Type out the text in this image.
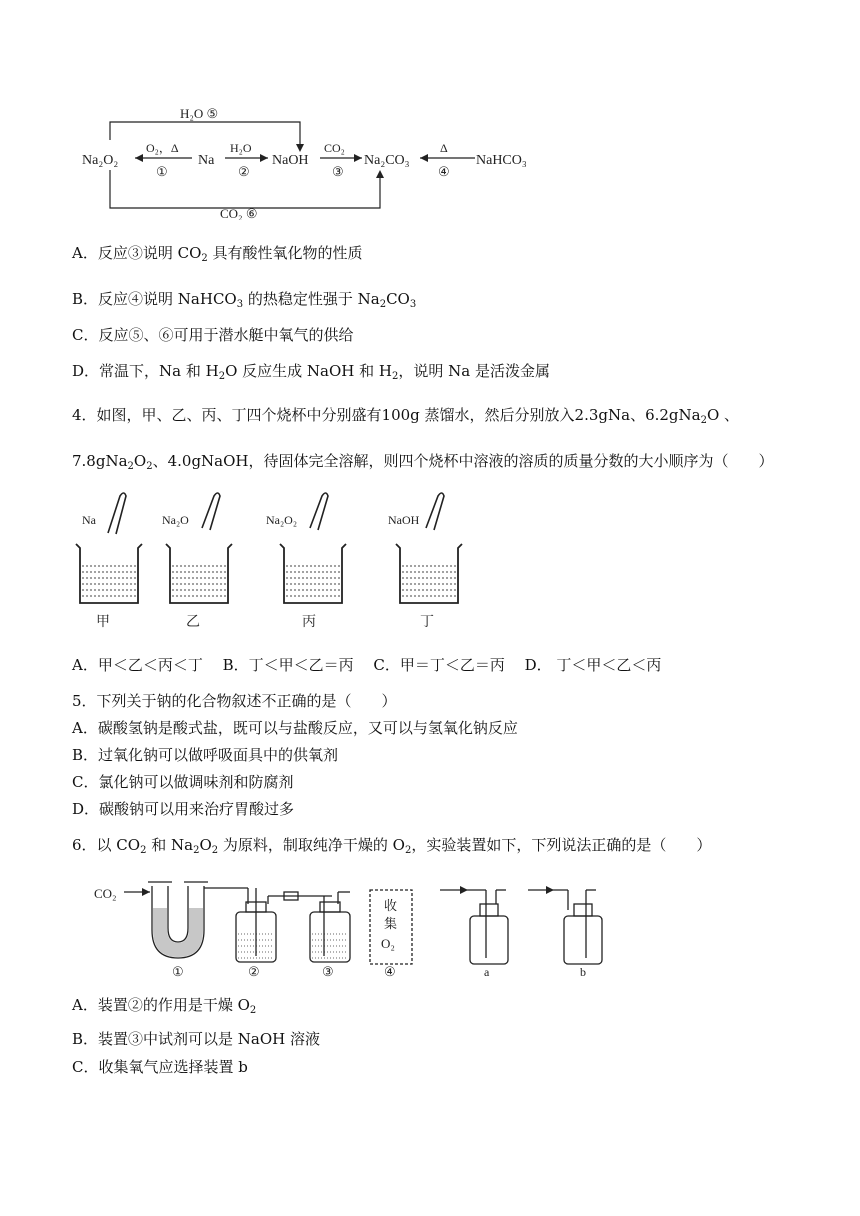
Na₂O₂
O₂，Δ
①
Na
H₂O
②
NaOH
CO₂
③
Na₂CO₃
Δ
④
NaHCO₃
H₂O ⑤
CO₂ ⑥
A．反应③说明 $CO_2$ 具有酸性氧化物的性质
B．反应④说明 NaHCO$_3$ 的热稳定性强于 $Na_2CO_3$
C．反应⑤、⑥可用于潜水艇中氧气的供给
D．常温下，Na 和 $H_2O$ 反应生成 NaOH 和 $H_2$，说明 Na 是活泼金属
4．如图，甲、乙、丙、丁四个烧杯中分别盛有100g 蒸馏水，然后分别放入2.3gNa、6.2gNa$_2$O 、
$7.8gNa_2O_2$、4.0gNaOH，待固体完全溶解，则四个烧杯中溶液的溶质的质量分数的大小顺序为（　　）
Na
甲
Na₂O
乙
Na₂O₂
丙
NaOH
丁
A．甲＜乙＜丙＜丁　 B．丁＜甲＜乙＝丙　 C．甲＝丁＜乙＝丙　 D． 丁＜甲＜乙＜丙
5．下列关于钠的化合物叙述不正确的是（　　）
A．碳酸氢钠是酸式盐，既可以与盐酸反应，又可以与氢氧化钠反应
B．过氧化钠可以做呼吸面具中的供氧剂
C．氯化钠可以做调味剂和防腐剂
D．碳酸钠可以用来治疗胃酸过多
6．以 $CO_2$ 和 $Na_2O_2$ 为原料，制取纯净干燥的 $O_2$，实验装置如下，下列说法正确的是（　　）
CO₂
收
集
O₂
①	②	③	④	a	b
A．装置②的作用是干燥 $O_2$
B．装置③中试剂可以是 NaOH 溶液
C．收集氧气应选择装置 b
